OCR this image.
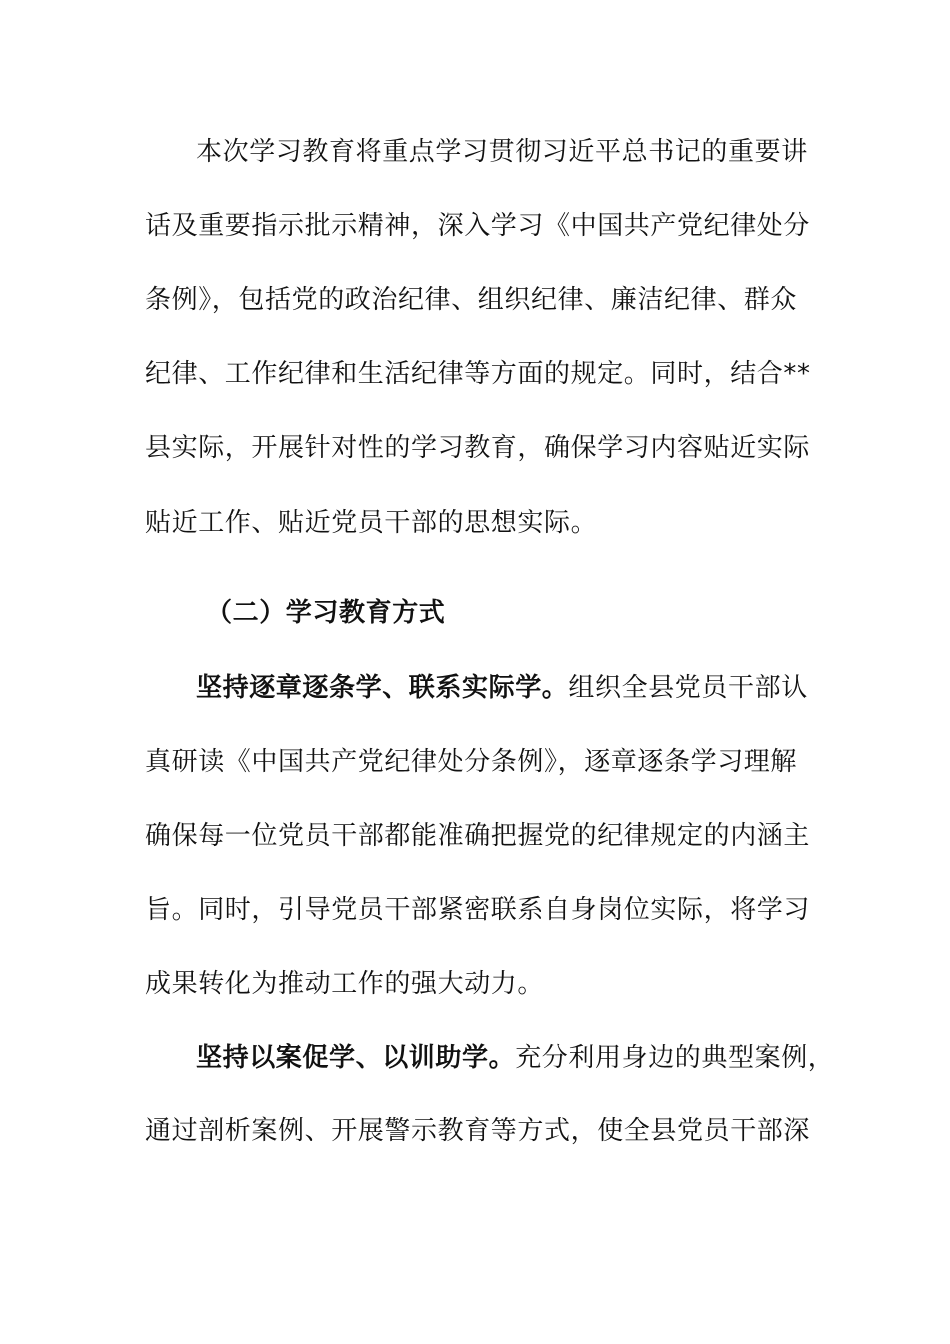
本次学习教育将重点学习贯彻习近平总书记的重要讲
话及重要指示批示精神，深入学习《中国共产党纪律处分
条例》，包括党的政治纪律、组织纪律、廉洁纪律、群众
纪律、工作纪律和生活纪律等方面的规定。同时，结合**
县实际，开展针对性的学习教育，确保学习内容贴近实际
贴近工作、贴近党员干部的思想实际。
（二）学习教育方式
坚持逐章逐条学、联系实际学。组织全县党员干部认
真研读《中国共产党纪律处分条例》，逐章逐条学习理解
确保每一位党员干部都能准确把握党的纪律规定的内涵主
旨。同时，引导党员干部紧密联系自身岗位实际，将学习
成果转化为推动工作的强大动力。
坚持以案促学、以训助学。充分利用身边的典型案例，
通过剖析案例、开展警示教育等方式，使全县党员干部深
